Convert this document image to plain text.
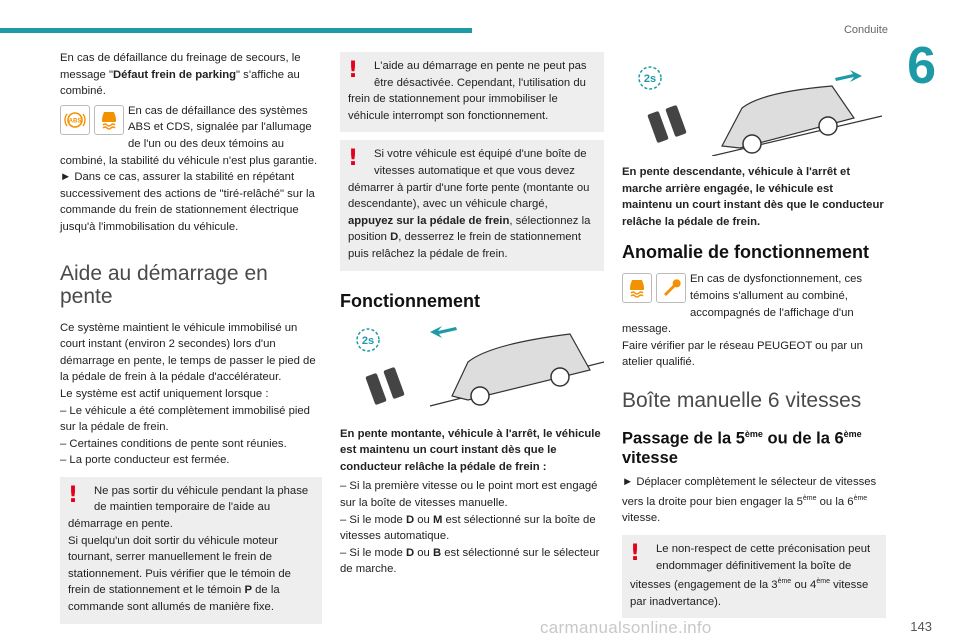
Conduite
6

En cas de défaillance du freinage de secours, le message "Défaut frein de parking" s'affiche au combiné.

ABS
En cas de défaillance des systèmes ABS et CDS, signalée par l'allumage de l'un ou des deux témoins au combiné, la stabilité du véhicule n'est plus garantie.

► Dans ce cas, assurer la stabilité en répétant successivement des actions de "tiré-relâché" sur la commande du frein de stationnement électrique jusqu'à l'immobilisation du véhicule.

Aide au démarrage en
pente

Ce système maintient le véhicule immobilisé un court instant (environ 2 secondes) lors d'un démarrage en pente, le temps de passer le pied de la pédale de frein à la pédale d'accélérateur.

Le système est actif uniquement lorsque :

– Le véhicule a été complètement immobilisé pied sur la pédale de frein.

– Certaines conditions de pente sont réunies.

– La porte conducteur est fermée.

! Ne pas sortir du véhicule pendant la phase de maintien temporaire de l'aide au démarrage en pente.
Si quelqu'un doit sortir du véhicule moteur tournant, serrer manuellement le frein de stationnement. Puis vérifier que le témoin de frein de stationnement et le témoin P de la commande sont allumés de manière fixe.
! L'aide au démarrage en pente ne peut pas être désactivée. Cependant, l'utilisation du frein de stationnement pour immobiliser le véhicule interrompt son fonctionnement.
! Si votre véhicule est équipé d'une boîte de vitesses automatique et que vous devez démarrer à partir d'une forte pente (montante ou descendante), avec un véhicule chargé, appuyez sur la pédale de frein, sélectionnez la position D, desserrez le frein de stationnement puis relâchez la pédale de frein.
Fonctionnement
2s

En pente montante, véhicule à l'arrêt, le véhicule est maintenu un court instant dès que le conducteur relâche la pédale de frein :

– Si la première vitesse ou le point mort est engagé sur la boîte de vitesses manuelle.

– Si le mode D ou M est sélectionné sur la boîte de vitesses automatique.

– Si le mode D ou B est sélectionné sur le sélecteur de marche.

2s

En pente descendante, véhicule à l'arrêt et marche arrière engagée, le véhicule est maintenu un court instant dès que le conducteur relâche la pédale de frein.

Anomalie de fonctionnement
En cas de dysfonctionnement, ces témoins s'allument au combiné, accompagnés de l'affichage d'un message.

Faire vérifier par le réseau PEUGEOT ou par un atelier qualifié.

Boîte manuelle 6 vitesses
Passage de la 5ème ou de la 6ème vitesse

► Déplacer complètement le sélecteur de vitesses vers la droite pour bien engager la 5ème ou la 6ème vitesse.

! Le non-respect de cette préconisation peut endommager définitivement la boîte de vitesses (engagement de la 3ème ou 4ème vitesse par inadvertance).
carmanualsonline.info	143
